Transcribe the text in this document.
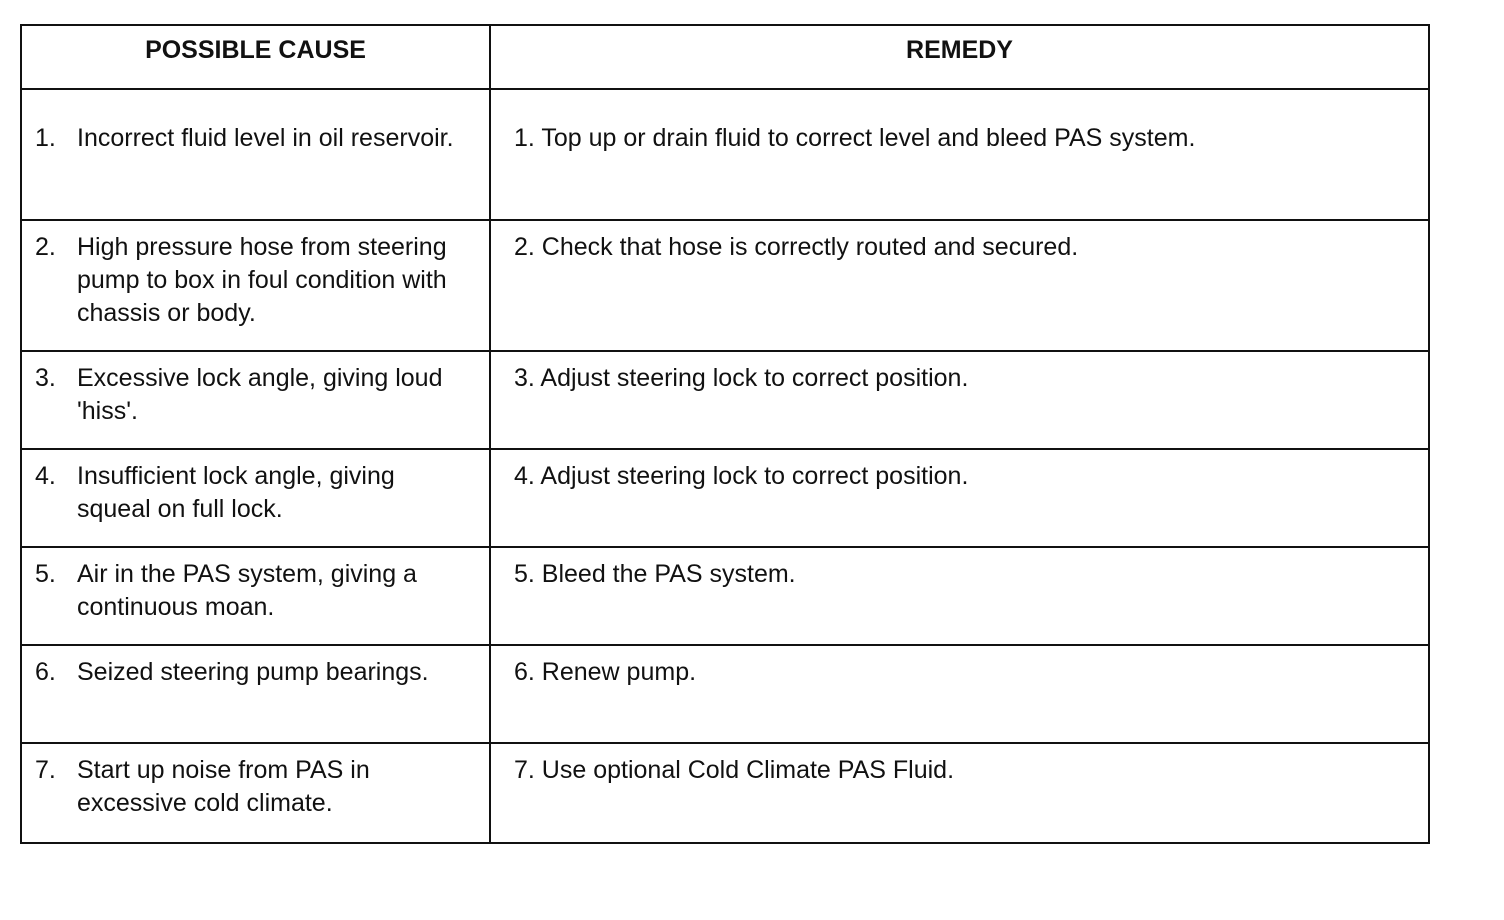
POSSIBLE CAUSE	REMEDY

1. Incorrect fluid level in oil reservoir.	1. Top up or drain fluid to correct level and bleed PAS system.

2. High pressure hose from steering pump to box in foul condition with chassis or body.	2. Check that hose is correctly routed and secured.

3. Excessive lock angle, giving loud 'hiss'.	3. Adjust steering lock to correct position.

4. Insufficient lock angle, giving squeal on full lock.	4. Adjust steering lock to correct position.

5. Air in the PAS system, giving a continuous moan.	5. Bleed the PAS system.

6. Seized steering pump bearings.	6. Renew pump.

7. Start up noise from PAS in excessive cold climate.	7. Use optional Cold Climate PAS Fluid.
